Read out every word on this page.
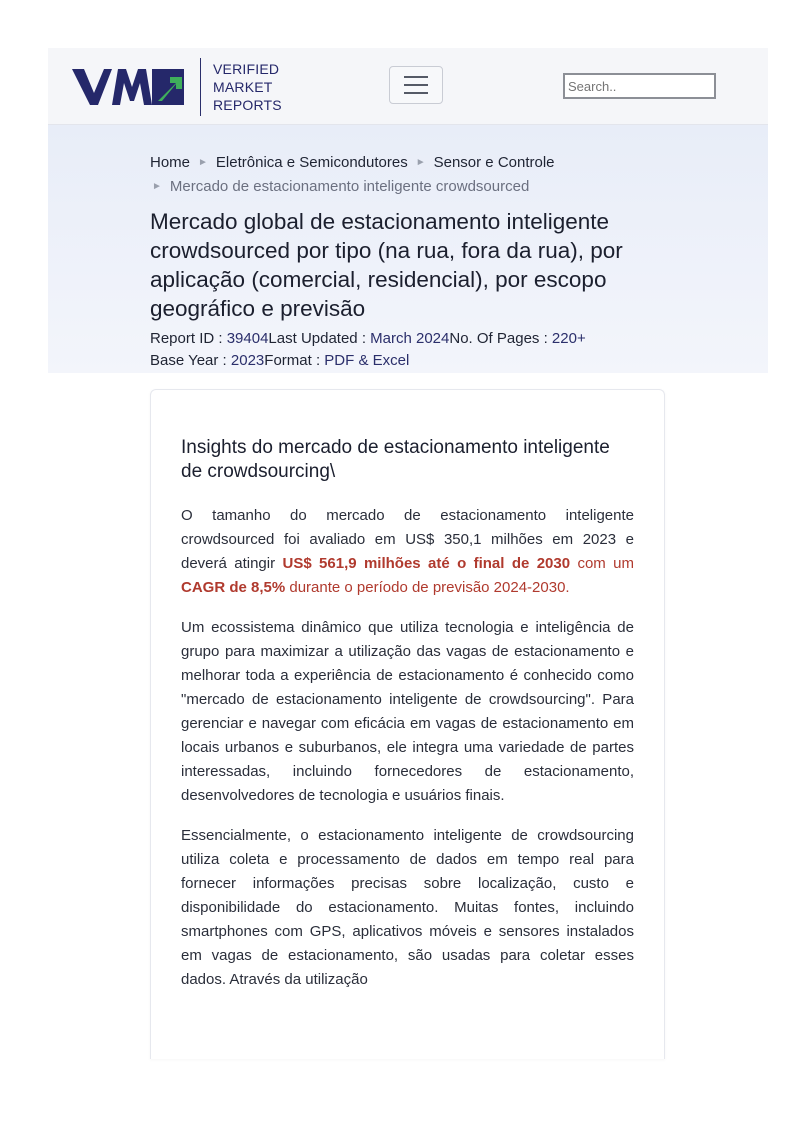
VERIFIED
MARKET
REPORTS
Search..
Home ► Eletrônica e Semicondutores ► Sensor e Controle
► Mercado de estacionamento inteligente crowdsourced
Mercado global de estacionamento inteligente crowdsourced por tipo (na rua, fora da rua), por aplicação (comercial, residencial), por escopo geográfico e previsão
Report ID : 39404Last Updated : March 2024No. Of Pages : 220+
Base Year : 2023Format : PDF & Excel
Insights do mercado de estacionamento inteligente de crowdsourcing\

O tamanho do mercado de estacionamento inteligente crowdsourced foi avaliado em US$ 350,1 milhões em 2023 e deverá atingir US$ 561,9 milhões até o final de 2030 com um CAGR de 8,5% durante o período de previsão 2024-2030.

Um ecossistema dinâmico que utiliza tecnologia e inteligência de grupo para maximizar a utilização das vagas de estacionamento e melhorar toda a experiência de estacionamento é conhecido como "mercado de estacionamento inteligente de crowdsourcing". Para gerenciar e navegar com eficácia em vagas de estacionamento em locais urbanos e suburbanos, ele integra uma variedade de partes interessadas, incluindo fornecedores de estacionamento, desenvolvedores de tecnologia e usuários finais.

Essencialmente, o estacionamento inteligente de crowdsourcing utiliza coleta e processamento de dados em tempo real para fornecer informações precisas sobre localização, custo e disponibilidade do estacionamento. Muitas fontes, incluindo smartphones com GPS, aplicativos móveis e sensores instalados em vagas de estacionamento, são usadas para coletar esses dados. Através da utilização
